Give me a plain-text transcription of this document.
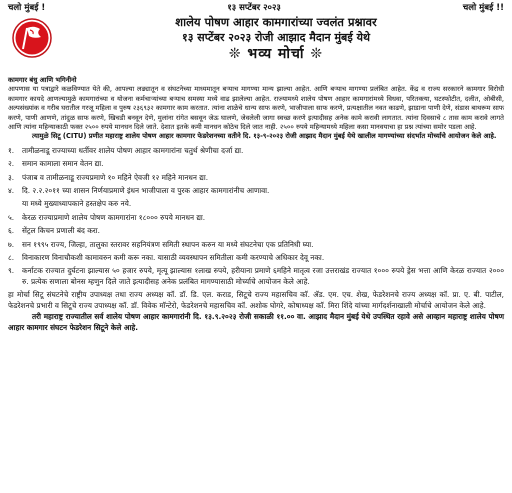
चलो मुंबई !	१३ सप्टेंबर २०२३	चलो मुंबई !!
शालेय पोषण आहार कामगारांच्या ज्वलंत प्रश्नावर
१३ सप्टेंबर २०२३ रोजी आझाद मैदान मुंबई येथे
❊ भव्य मोर्चा ❊

कामगार बंधु आणि भगिनीनो

आपणास या पत्राद्वारे कळविण्यात येते की, आपल्या लढ्यातून व संघटनेच्या माध्यमातून बऱ्याच मागण्या मान्य झाल्या आहेत. आणि बऱ्याच मागण्या प्रलंबित आहेत. केंद्र व राज्य सरकारने कामगार विरोधी कामगार कायदे आणल्यामुळे कामगारांच्या व योजना कर्मचाऱ्यांच्या बऱ्याच समस्या मध्ये वाढ झालेल्या आहेत. राज्यामध्ये शालेय पोषण आहार कामगारांमध्ये विधवा, परितक्त्या, घटस्फोटीत, दलीत, ओबीसी, अल्पसंख्यांक व गरीब घरातील गरजू महिला व पुरुष २३६९३२ कामगार काम करतात. त्यांना शाळेचे धान्य साफ करणे, भाजीपाला साफ करणे, प्रत्यक्षातील नवत काढणे, झाडाना पाणी देणे, संडास बाथरूम साफ करणे, पाणी आणणे, तांदुळ साफ करणे, खिचडी बनवून देणे, मुलांना रांगेत बसवून जेऊ घालणे, जेवलेली जागा स्वच्छ करणे इत्यादीसह अनेक कामे करावी लागतात. त्यांना दिवसाचे ८ तास काम करावे लागते आणि त्यांना महिन्याकाठी फक्त २५०० रुपये मानधन दिले जाते. देशात इतके कमी मानधन कोठेच दिले जात नाही. २५०० रुपये महिन्यामध्ये महिला कसा मानवयाचा हा प्रश्न त्यांच्या समोर पडला आहे.

त्यामुळे सिटू (CITU) प्रणीत महाराष्ट्र शालेय पोषण आहार कामगार फेडरेशनच्या वतीने दि. १३-९-२०२३ रोजी आझाद मैदान मुंबई येथे खालील मागण्यांच्या संदर्भात मोर्च्याचे आयोजन केले आहे.

१.	तामीळनाडू राज्याच्या धर्तीवर शालेय पोषण आहार कामगारांना चतुर्थ श्रेणीचा दर्जा द्या.
२.	समान कामाला समान वेतन द्या.
३.	पंजाब व तामीळनाडू राज्यप्रमाणे १० महिने ऐवजी १२ महिने मानधन द्या.
४.	दि. २.२.२०११ च्या शासन निर्णयाप्रमाणे इंधन भाजीपाला व पुरक आहार कामगारांनीच आणावा.
या मध्ये मुख्याध्यापकाने हस्तक्षेप करु नये.
५.	केरळ राज्याप्रमाणे शालेय पोषण कामगारांना १८००० रुपये मानधन द्या.
६.	सेंट्रल किचन प्रणाली बंद करा.
७.	सन १९९५ राज्य, जिल्हा, तालुका स्तरावर सहनियंत्रण समिती स्थापन करुन या मध्ये संघटनेचा एक प्रतिनिधी घ्या.
८.	विनाकारण विनाचौकशी कामावरुन कमी करू नका. यासाठी व्यवस्थापन समितीला कमी करण्याचे अधिकार देवू नका.
९.	कर्नाटक राज्यात दुर्घटना झाल्यास ५० हजार रुपये, मृत्यू झाल्यास १लाख रुपये, हरीयाना प्रमाणे ६महिने मातृत्व रजा उत्तराखंड राज्यात १००० रुपये ड्रेस भत्ता आणि केरळ राज्यात २००० रु. प्रत्येक सणाला बोनस म्हणुन दिले जाते इत्यादीसह अनेक प्रलंबित मागण्यासाठी मोर्च्याचे आयोजन केले आहे.

हा मोर्चा सिटू संघटनेचे राष्ट्रीय उपाध्यक्ष तथा राज्य अध्यक्ष कॉ. डॉ. डि. एल. कराड, सिटूचे राज्य महासचिव कॉ. ॲड. एम. एच. शेख, फेडरेशनचे राज्य अध्यक्ष कॉ. प्रा. ए. बी. पाटील, फेडरेशनचे प्रभारी व सिटूचे राज्य उपाध्यक्ष कॉ. डॉ. विवेक मॉन्टेरो, फेडरेशनचे महासचिव कॉ. अशोक घोगरे, कोषाध्यक्ष कॉ. मिरा शिंदे यांच्या मार्गदर्शनाखाली मोर्चाचे आयोजन केले आहे.

तरी महाराष्ट्र राज्यातील सर्व शालेय पोषण आहार कामगारांनी दि. १३.९.२०२३ रोजी सकाळी ११.०० वा. आझाद मैदान मुंबई येथे उपस्थित रहावे असे आव्हान महाराष्ट्र शालेय पोषण आहार कामगार संघटन फेडरेशन सिटूने केले आहे.
